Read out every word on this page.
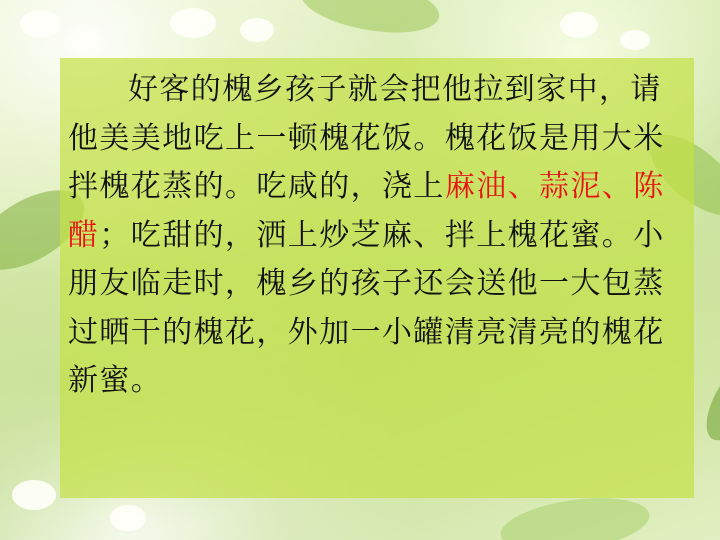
好客的槐乡孩子就会把他拉到家中，请他美美地吃上一顿槐花饭。槐花饭是用大米拌槐花蒸的。吃咸的，浇上麻油、蒜泥、陈醋；吃甜的，洒上炒芝麻、拌上槐花蜜。小朋友临走时，槐乡的孩子还会送他一大包蒸过晒干的槐花，外加一小罐清亮清亮的槐花新蜜。
